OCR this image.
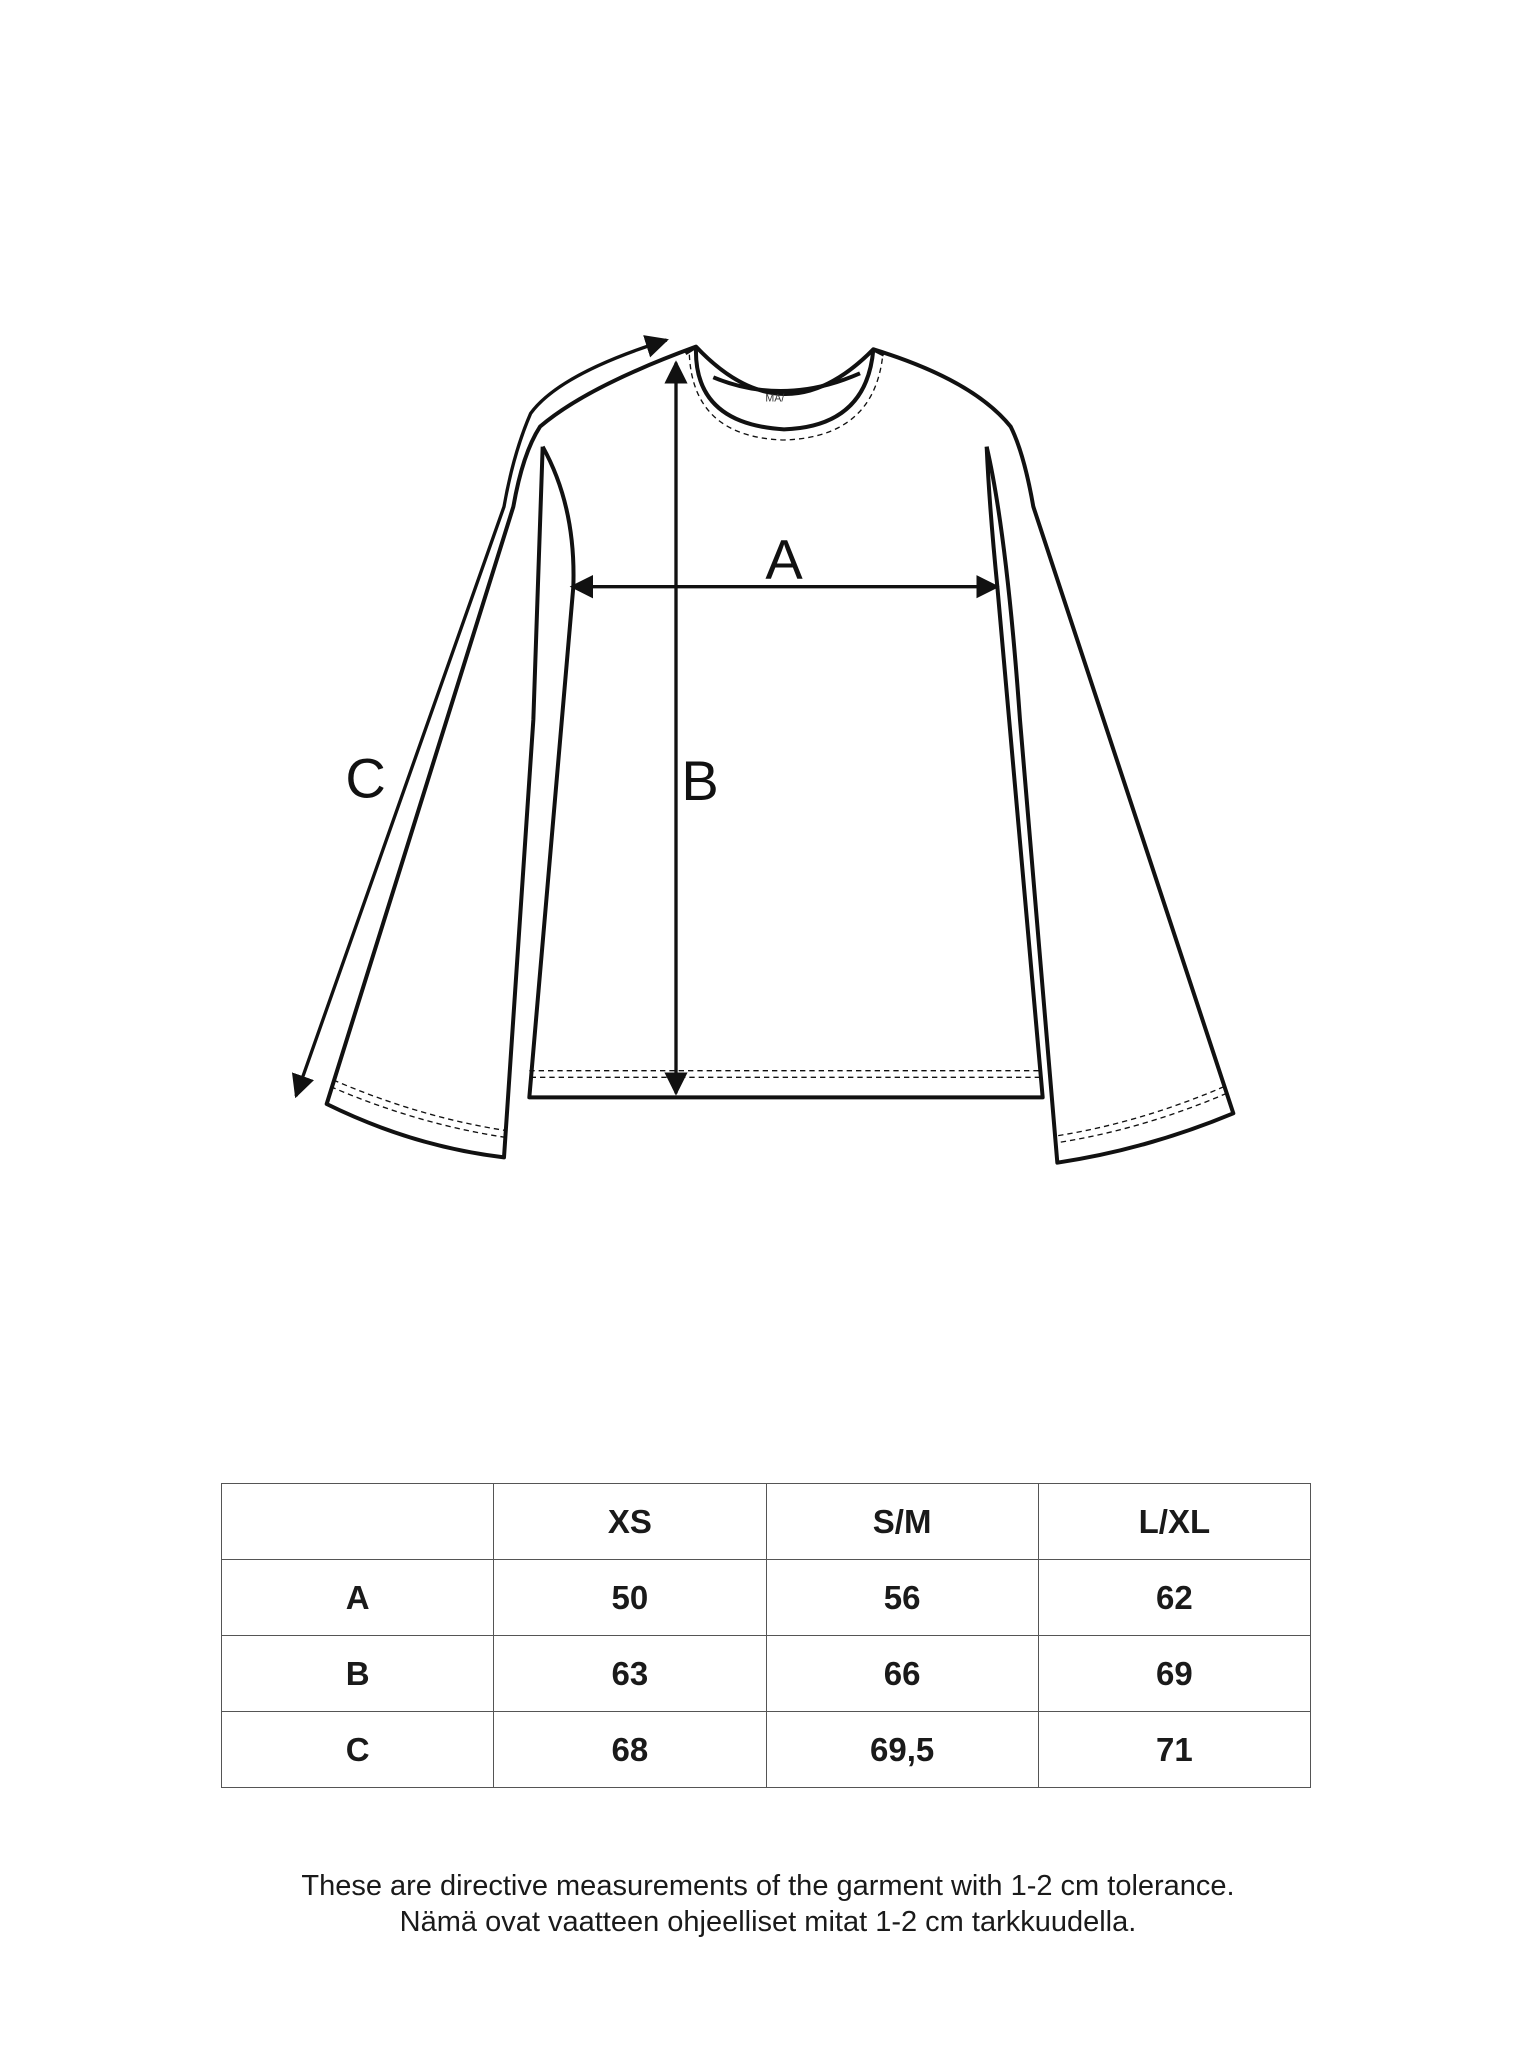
A
B
C
MA/
	XS	S/M	L/XL
A	50	56	62
B	63	66	69
C	68	69,5	71
These are directive measurements of the garment with 1-2 cm tolerance.
Nämä ovat vaatteen ohjeelliset mitat 1-2 cm tarkkuudella.
